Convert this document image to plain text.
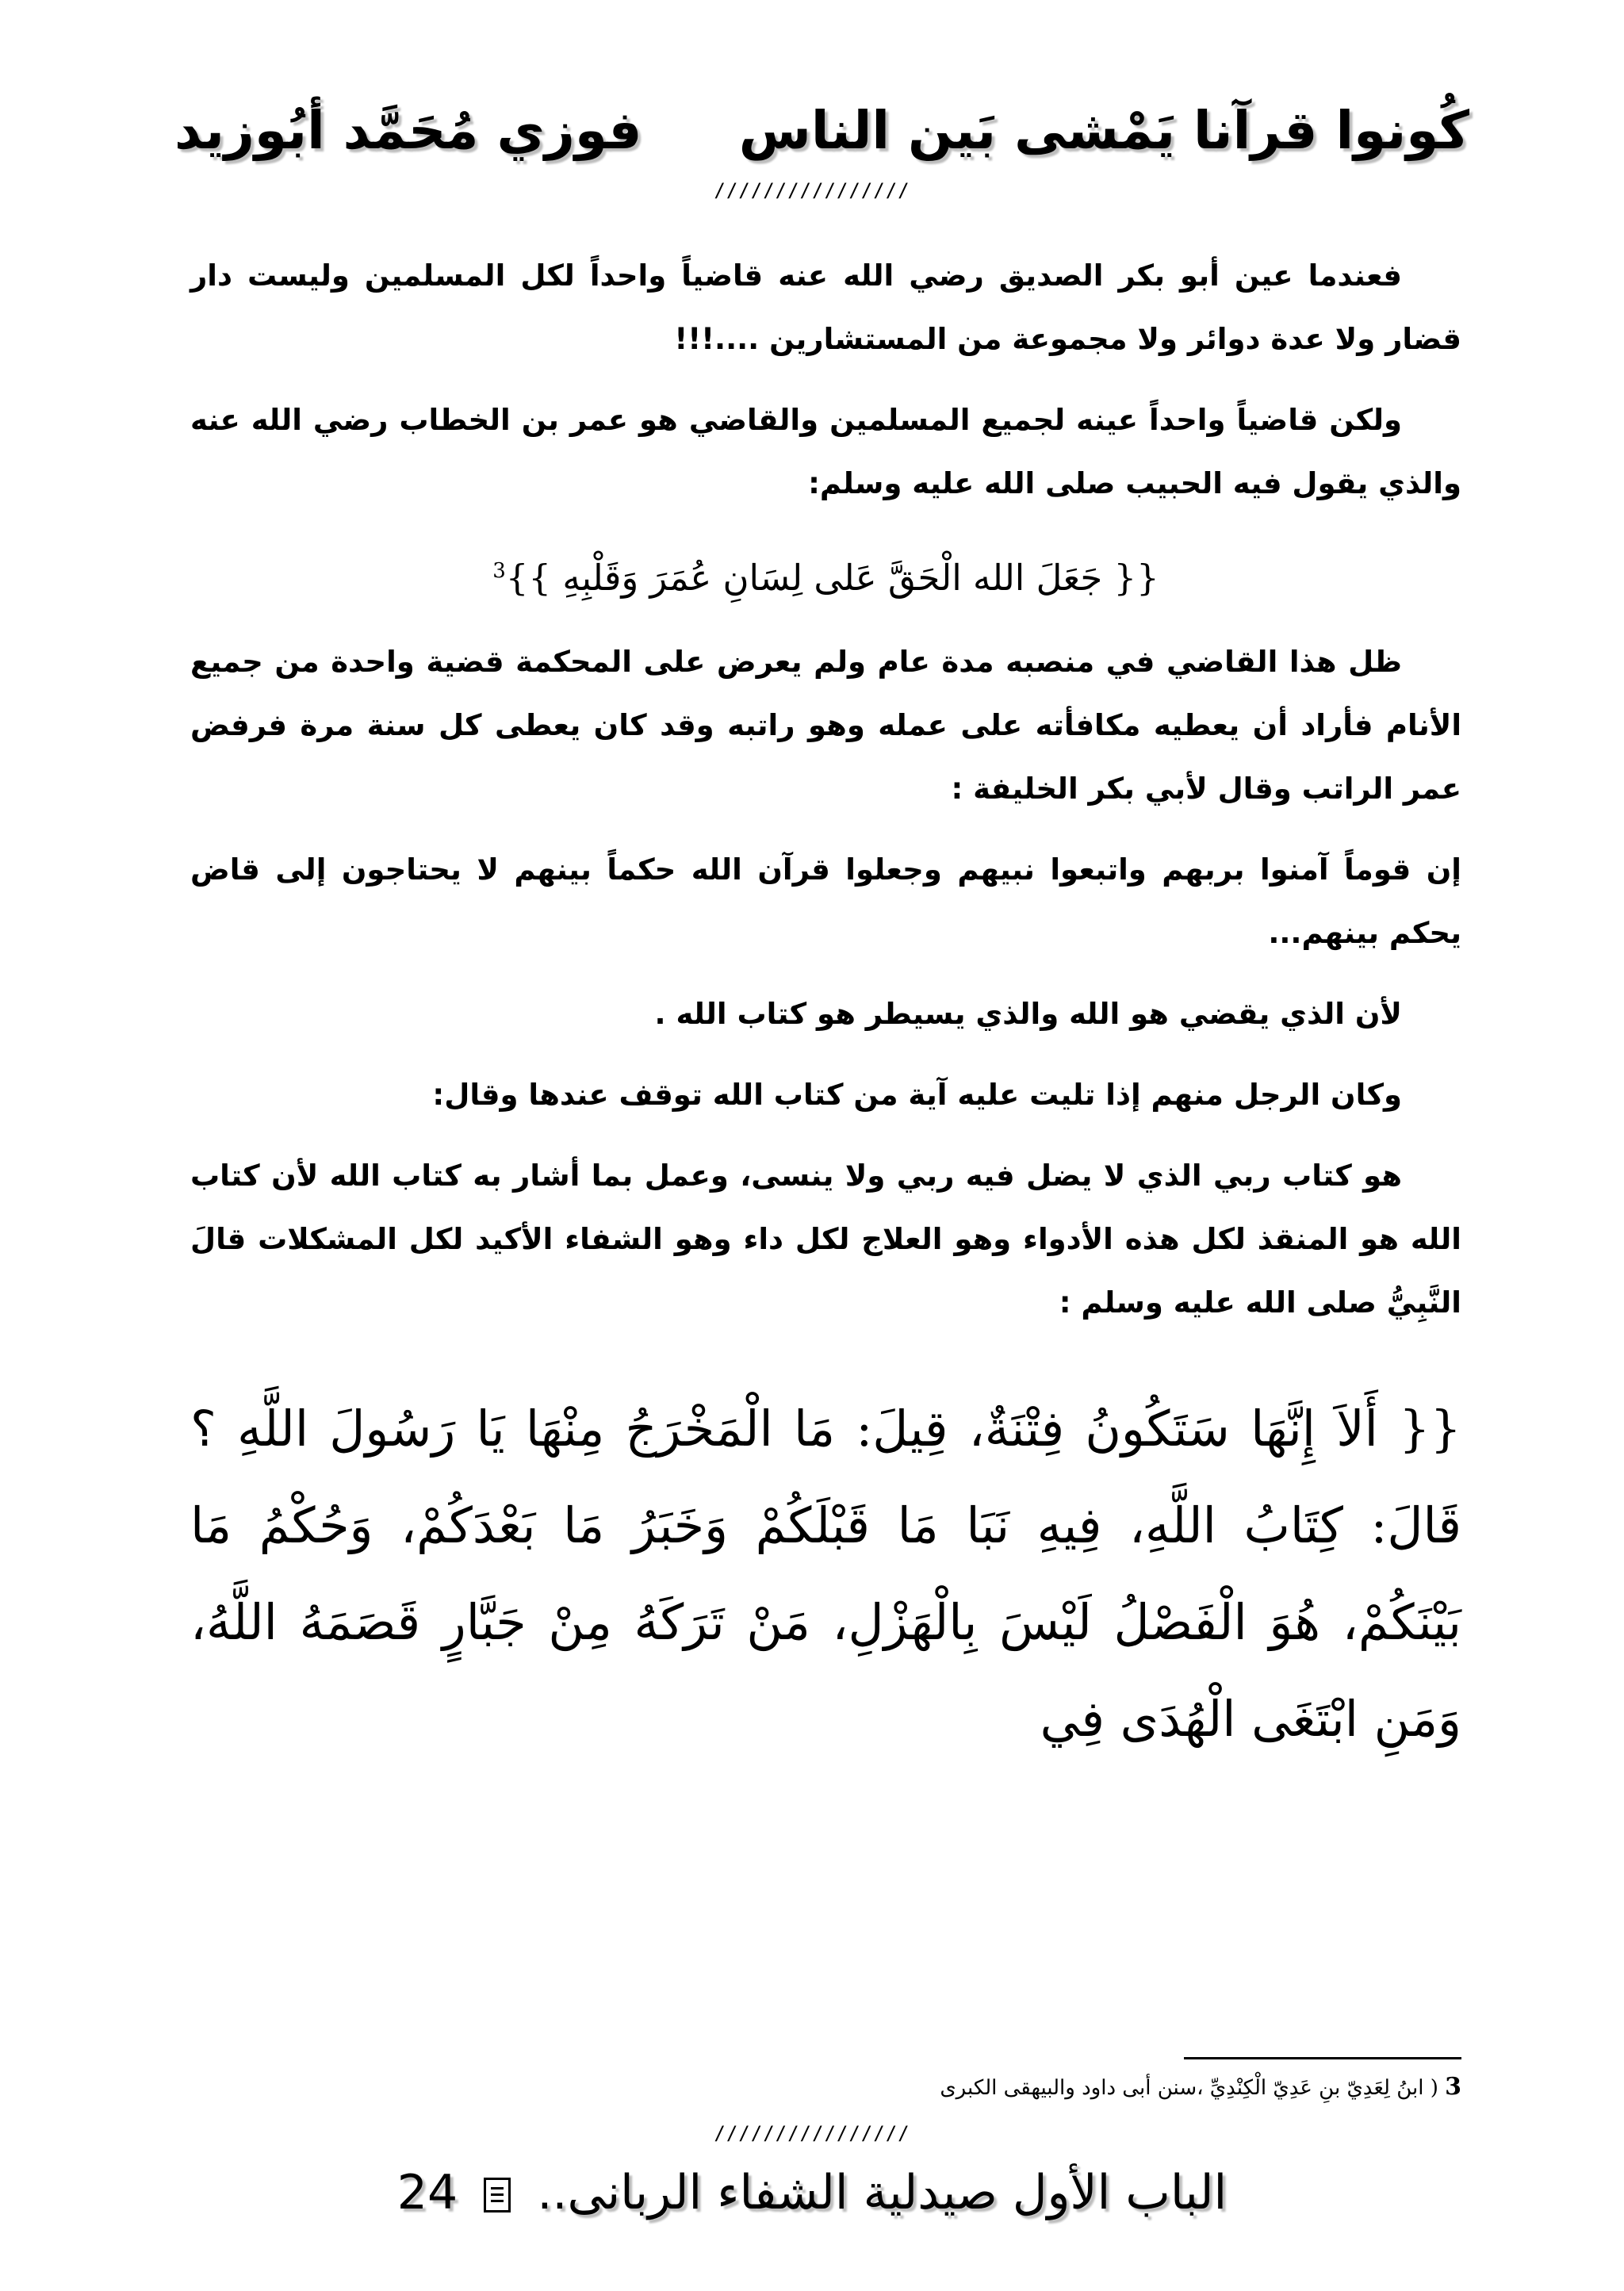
كُونوا قرآنا يَمْشى بَين الناس
فوزي مُحَمَّد أبُوزيد
////////////////

فعندما عين أبو بكر الصديق رضي الله عنه قاضياً واحداً لكل المسلمين وليست دار قضار ولا عدة دوائر ولا مجموعة من المستشارين ....!!!

ولكن قاضياً واحداً عينه لجميع المسلمين والقاضي هو عمر بن الخطاب رضي الله عنه والذي يقول فيه الحبيب صلى الله عليه وسلم:

{{ جَعَلَ الله الْحَقَّ عَلى لِسَانِ عُمَرَ وَقَلْبِهِ }}$^3$

ظل هذا القاضي في منصبه مدة عام ولم يعرض على المحكمة قضية واحدة من جميع الأنام فأراد أن يعطيه مكافأته على عمله وهو راتبه وقد كان يعطى كل سنة مرة فرفض عمر الراتب وقال لأبي بكر الخليفة :

إن قوماً آمنوا بربهم واتبعوا نبيهم وجعلوا قرآن الله حكماً بينهم لا يحتاجون إلى قاض يحكم بينهم...

لأن الذي يقضي هو الله والذي يسيطر هو كتاب الله .

وكان الرجل منهم إذا تليت عليه آية من كتاب الله توقف عندها وقال:

هو كتاب ربي الذي لا يضل فيه ربي ولا ينسى، وعمل بما أشار به كتاب الله لأن كتاب الله هو المنقذ لكل هذه الأدواء وهو العلاج لكل داء وهو الشفاء الأكيد لكل المشكلات قالَ النَّبِيُّ صلى الله عليه وسلم :

{{ أَلاَ إِنَّهَا سَتَكُونُ فِتْنَةٌ، قِيلَ: مَا الْمَخْرَجُ مِنْهَا يَا رَسُولَ اللَّهِ ؟ قَالَ: كِتَابُ اللَّهِ، فِيهِ نَبَا مَا قَبْلَكُمْ وَخَبَرُ مَا بَعْدَكُمْ، وَحُكْمُ مَا بَيْنَكُمْ، هُوَ الْفَصْلُ لَيْسَ بِالْهَزْلِ، مَنْ تَرَكَهُ مِنْ جَبَّارٍ قَصَمَهُ اللَّهُ، وَمَنِ ابْتَغَى الْهُدَى فِي

3 ( ابنُ لِعَدِيّ بنِ عَدِيّ الْكِنْدِيِّ ،سنن أبى داود والبيهقى الكبرى
////////////////
الباب الأول صيدلية الشفاء الربانى..  24
